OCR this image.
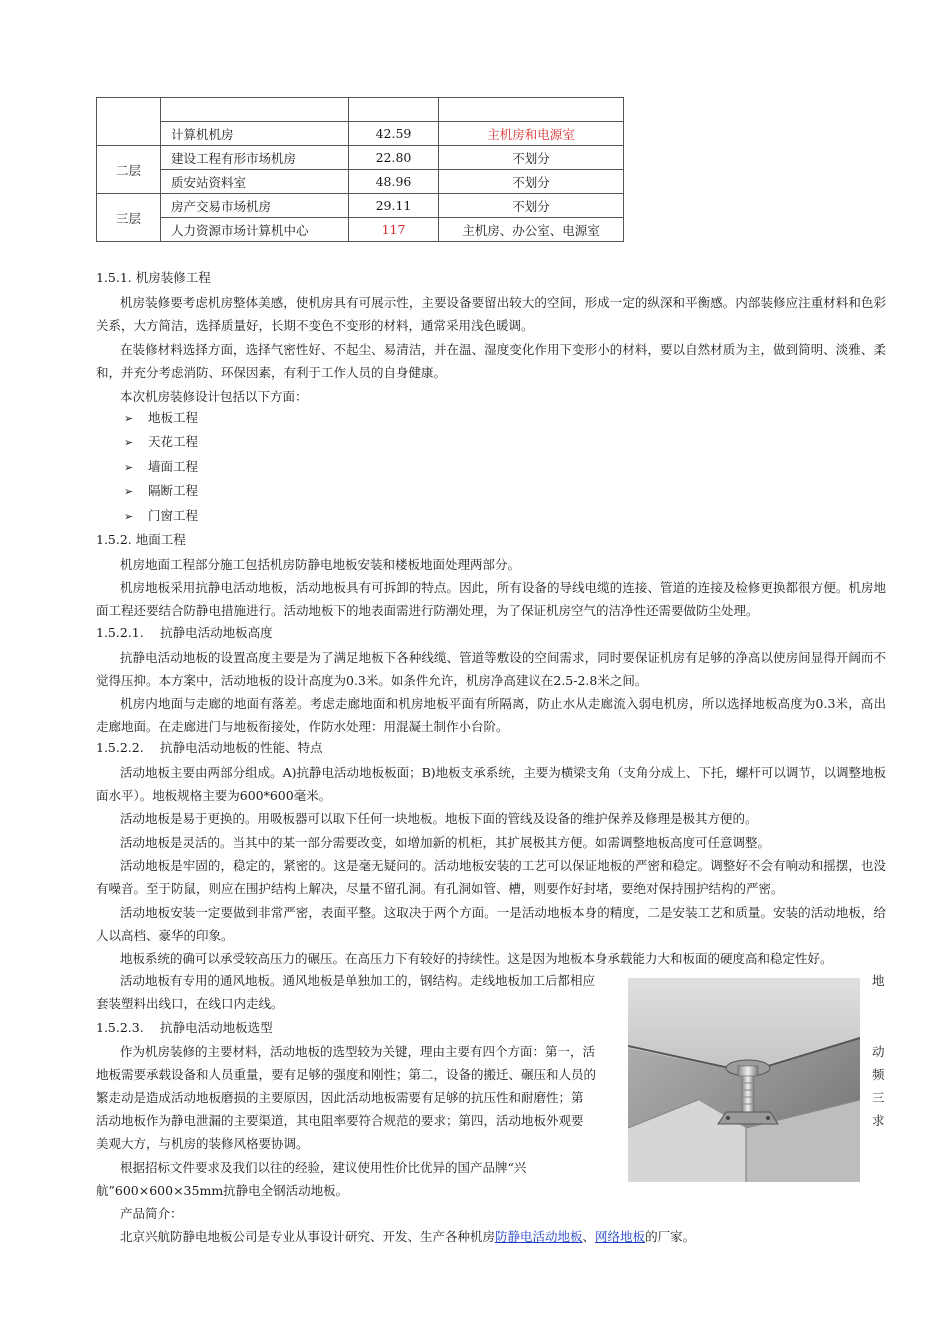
	计算机机房	42.59	主机房和电源室
二层	建设工程有形市场机房	22.80	不划分
	质安站资料室	48.96	不划分
三层	房产交易市场机房	29.11	不划分
	人力资源市场计算机中心	117	主机房、办公室、电源室
1.5.1. 机房装修工程
机房装修要考虑机房整体美感，使机房具有可展示性，主要设备要留出较大的空间，形成一定的纵深和平衡感。内部装修应注重材料和色彩关系，大方简洁，选择质量好，长期不变色不变形的材料，通常采用浅色暖调。
在装修材料选择方面，选择气密性好、不起尘、易清洁，并在温、湿度变化作用下变形小的材料，要以自然材质为主，做到简明、淡雅、柔和，并充分考虑消防、环保因素，有利于工作人员的自身健康。
本次机房装修设计包括以下方面：
➢ 地板工程
➢ 天花工程
➢ 墙面工程
➢ 隔断工程
➢ 门窗工程
1.5.2. 地面工程
机房地面工程部分施工包括机房防静电地板安装和楼板地面处理两部分。
机房地板采用抗静电活动地板，活动地板具有可拆卸的特点。因此，所有设备的导线电缆的连接、管道的连接及检修更换都很方便。机房地面工程还要结合防静电措施进行。活动地板下的地表面需进行防潮处理，为了保证机房空气的洁净性还需要做防尘处理。
1.5.2.1.　 抗静电活动地板高度
抗静电活动地板的设置高度主要是为了满足地板下各种线缆、管道等敷设的空间需求，同时要保证机房有足够的净高以使房间显得开阔而不觉得压抑。本方案中，活动地板的设计高度为0.3米。如条件允许，机房净高建议在2.5-2.8米之间。
机房内地面与走廊的地面有落差。考虑走廊地面和机房地板平面有所隔离，防止水从走廊流入弱电机房，所以选择地板高度为0.3米，高出走廊地面。在走廊进门与地板衔接处，作防水处理：用混凝土制作小台阶。
1.5.2.2.　 抗静电活动地板的性能、特点
活动地板主要由两部分组成。A)抗静电活动地板板面；B)地板支承系统，主要为横梁支角（支角分成上、下托，螺杆可以调节，以调整地板面水平）。地板规格主要为600*600毫米。
活动地板是易于更换的。用吸板器可以取下任何一块地板。地板下面的管线及设备的维护保养及修理是极其方便的。
活动地板是灵活的。当其中的某一部分需要改变，如增加新的机柜，其扩展极其方便。如需调整地板高度可任意调整。
活动地板是牢固的，稳定的，紧密的。这是毫无疑问的。活动地板安装的工艺可以保证地板的严密和稳定。调整好不会有响动和摇摆，也没有噪音。至于防鼠，则应在围护结构上解决，尽量不留孔洞。有孔洞如管、槽，则要作好封堵，要绝对保持围护结构的严密。
活动地板安装一定要做到非常严密，表面平整。这取决于两个方面。一是活动地板本身的精度，二是安装工艺和质量。安装的活动地板，给人以高档、豪华的印象。
地板系统的确可以承受较高压力的碾压。在高压力下有较好的持续性。这是因为地板本身承载能力大和板面的硬度高和稳定性好。
活动地板有专用的通风地板。通风地板是单独加工的，钢结构。走线地板加工后都相应	地
套装塑料出线口，在线口内走线。
1.5.2.3.　 抗静电活动地板选型
作为机房装修的主要材料，活动地板的选型较为关键，理由主要有四个方面：第一，活	动
地板需要承载设备和人员重量，要有足够的强度和刚性；第二，设备的搬迁、碾压和人员的	频
繁走动是造成活动地板磨损的主要原因，因此活动地板需要有足够的抗压性和耐磨性；第	三
活动地板作为静电泄漏的主要渠道，其电阻率要符合规范的要求；第四，活动地板外观要	求
美观大方，与机房的装修风格要协调。
根据招标文件要求及我们以往的经验，建议使用性价比优异的国产品牌“兴
航”600×600×35mm抗静电全钢活动地板。
产品简介：
北京兴航防静电地板公司是专业从事设计研究、开发、生产各种机房防静电活动地板、网络地板的厂家。
